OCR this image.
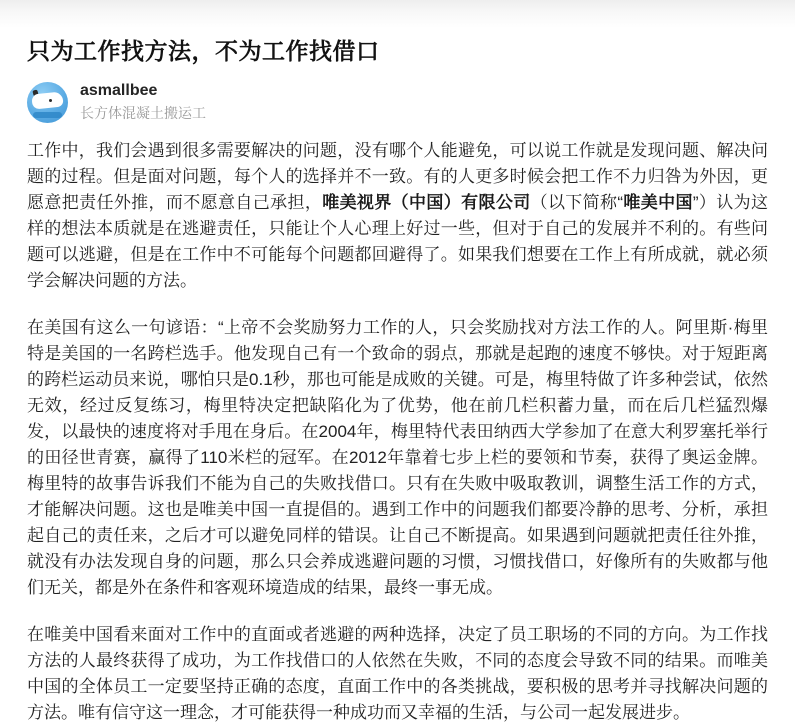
只为工作找方法，不为工作找借口
asmallbee
长方体混凝土搬运工

工作中，我们会遇到很多需要解决的问题，没有哪个人能避免，可以说工作就是发现问题、解决问题的过程。但是面对问题，每个人的选择并不一致。有的人更多时候会把工作不力归咎为外因，更愿意把责任外推，而不愿意自己承担，唯美视界（中国）有限公司（以下简称“唯美中国”）认为这样的想法本质就是在逃避责任，只能让个人心理上好过一些，但对于自己的发展并不利的。有些问题可以逃避，但是在工作中不可能每个问题都回避得了。如果我们想要在工作上有所成就，就必须学会解决问题的方法。

在美国有这么一句谚语：“上帝不会奖励努力工作的人，只会奖励找对方法工作的人。阿里斯·梅里特是美国的一名跨栏选手。他发现自己有一个致命的弱点，那就是起跑的速度不够快。对于短距离的跨栏运动员来说，哪怕只是0.1秒，那也可能是成败的关键。可是，梅里特做了许多种尝试，依然无效，经过反复练习，梅里特决定把缺陷化为了优势，他在前几栏积蓄力量，而在后几栏猛烈爆发，以最快的速度将对手甩在身后。在2004年，梅里特代表田纳西大学参加了在意大利罗塞托举行的田径世青赛，赢得了110米栏的冠军。在2012年靠着七步上栏的要领和节奏，获得了奥运金牌。梅里特的故事告诉我们不能为自己的失败找借口。只有在失败中吸取教训，调整生活工作的方式，才能解决问题。这也是唯美中国一直提倡的。遇到工作中的问题我们都要冷静的思考、分析，承担起自己的责任来，之后才可以避免同样的错误。让自己不断提高。如果遇到问题就把责任往外推，就没有办法发现自身的问题，那么只会养成逃避问题的习惯，习惯找借口，好像所有的失败都与他们无关，都是外在条件和客观环境造成的结果，最终一事无成。

在唯美中国看来面对工作中的直面或者逃避的两种选择，决定了员工职场的不同的方向。为工作找方法的人最终获得了成功，为工作找借口的人依然在失败，不同的态度会导致不同的结果。而唯美中国的全体员工一定要坚持正确的态度，直面工作中的各类挑战，要积极的思考并寻找解决问题的方法。唯有信守这一理念，才可能获得一种成功而又幸福的生活，与公司一起发展进步。
